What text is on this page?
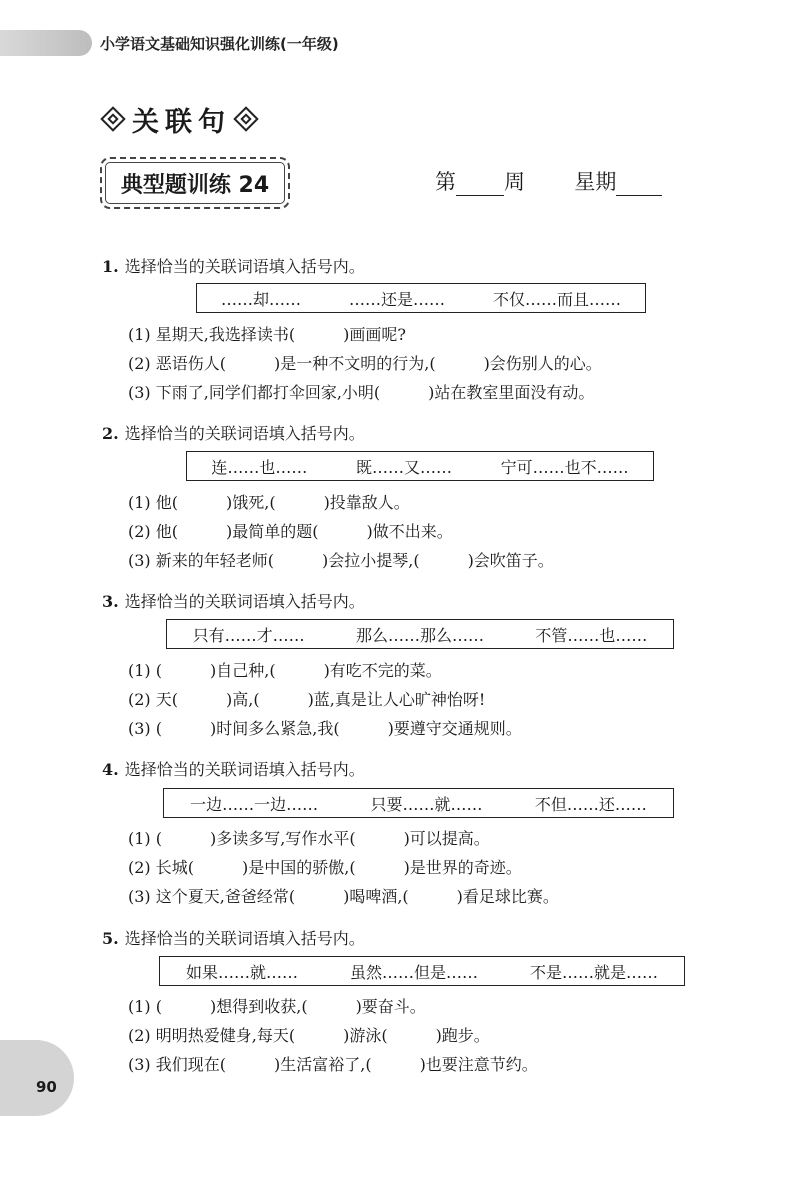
小学语文基础知识强化训练(一年级)
关联句
典型题训练 24	第 周 星期
1. 选择恰当的关联词语填入括号内。
……却……	……还是……	不仅……而且……
(1) 星期天,我选择读书(　　　)画画呢?
(2) 恶语伤人(　　　)是一种不文明的行为,(　　　)会伤别人的心。
(3) 下雨了,同学们都打伞回家,小明(　　　)站在教室里面没有动。
2. 选择恰当的关联词语填入括号内。
连……也……	既……又……	宁可……也不……
(1) 他(　　　)饿死,(　　　)投靠敌人。
(2) 他(　　　)最简单的题(　　　)做不出来。
(3) 新来的年轻老师(　　　)会拉小提琴,(　　　)会吹笛子。
3. 选择恰当的关联词语填入括号内。
只有……才……	那么……那么……	不管……也……
(1) (　　　)自己种,(　　　)有吃不完的菜。
(2) 天(　　　)高,(　　　)蓝,真是让人心旷神怡呀!
(3) (　　　)时间多么紧急,我(　　　)要遵守交通规则。
4. 选择恰当的关联词语填入括号内。
一边……一边……	只要……就……	不但……还……
(1) (　　　)多读多写,写作水平(　　　)可以提高。
(2) 长城(　　　)是中国的骄傲,(　　　)是世界的奇迹。
(3) 这个夏天,爸爸经常(　　　)喝啤酒,(　　　)看足球比赛。
5. 选择恰当的关联词语填入括号内。
如果……就……	虽然……但是……	不是……就是……
(1) (　　　)想得到收获,(　　　)要奋斗。
(2) 明明热爱健身,每天(　　　)游泳(　　　)跑步。
(3) 我们现在(　　　)生活富裕了,(　　　)也要注意节约。
90
